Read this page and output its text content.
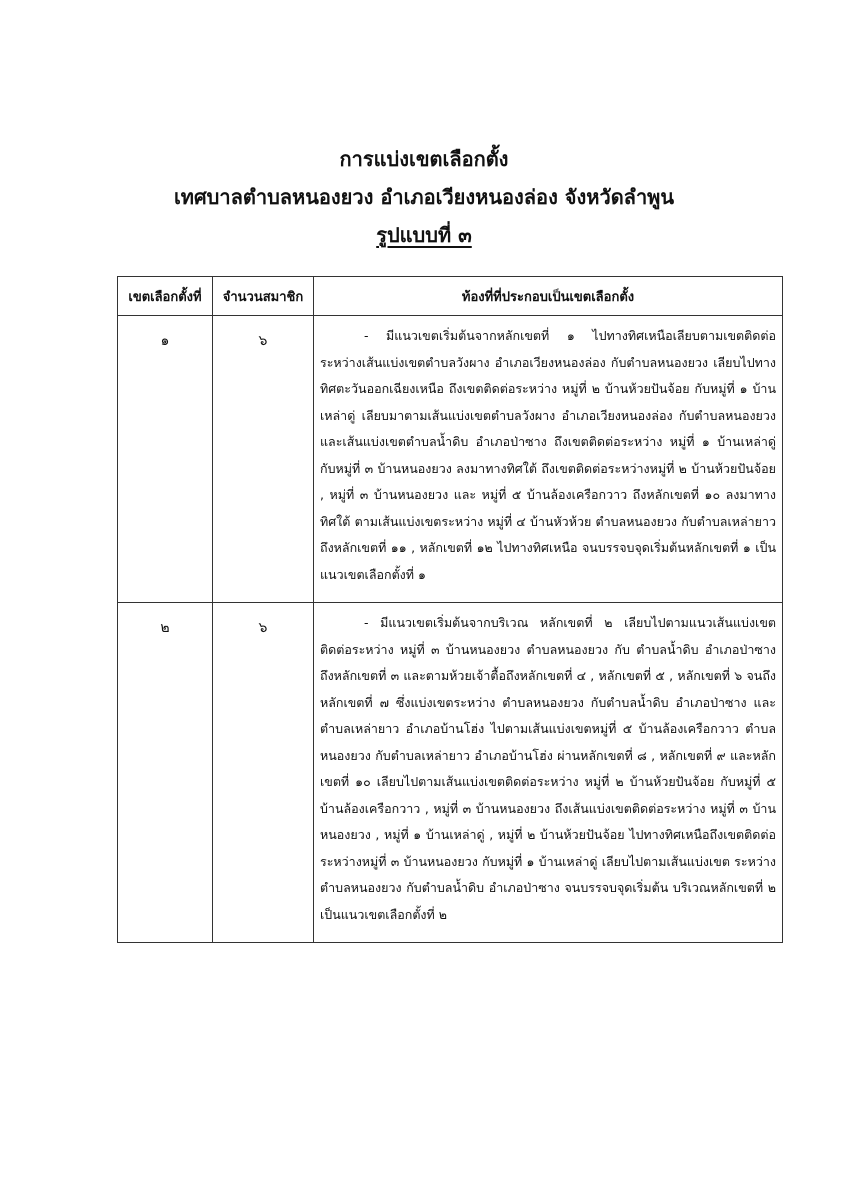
การแบ่งเขตเลือกตั้ง
เทศบาลตำบลหนองยวง อำเภอเวียงหนองล่อง จังหวัดลำพูน
รูปแบบที่ ๓
เขตเลือกตั้งที่	จำนวนสมาชิก	ท้องที่ที่ประกอบเป็นเขตเลือกตั้ง
๑	๖	- มีแนวเขตเริ่มต้นจากหลักเขตที่ ๑ ไปทางทิศเหนือเลียบตามเขตติดต่อระหว่างเส้นแบ่งเขตตำบลวังผาง อำเภอเวียงหนองล่อง กับตำบลหนองยวง เลียบไปทางทิศตะวันออกเฉียงเหนือ ถึงเขตติดต่อระหว่าง หมู่ที่ ๒ บ้านห้วยปันจ้อย กับหมู่ที่ ๑ บ้านเหล่าดู่ เลียบมาตามเส้นแบ่งเขตตำบลวังผาง อำเภอเวียงหนองล่อง กับตำบลหนองยวง และเส้นแบ่งเขตตำบลน้ำดิบ อำเภอป่าซาง ถึงเขตติดต่อระหว่าง หมู่ที่ ๑ บ้านเหล่าดู่ กับหมู่ที่ ๓ บ้านหนองยวง ลงมาทางทิศใต้ ถึงเขตติดต่อระหว่างหมู่ที่ ๒ บ้านห้วยปันจ้อย , หมู่ที่ ๓ บ้านหนองยวง และ หมู่ที่ ๕ บ้านล้องเครือกวาว ถึงหลักเขตที่ ๑๐ ลงมาทางทิศใต้ ตามเส้นแบ่งเขตระหว่าง หมู่ที่ ๔ บ้านหัวห้วย ตำบลหนองยวง กับตำบลเหล่ายาว ถึงหลักเขตที่ ๑๑ , หลักเขตที่ ๑๒ ไปทางทิศเหนือ จนบรรจบจุดเริ่มต้นหลักเขตที่ ๑ เป็นแนวเขตเลือกตั้งที่ ๑

๒	๖	- มีแนวเขตเริ่มต้นจากบริเวณ หลักเขตที่ ๒ เลียบไปตามแนวเส้นแบ่งเขตติดต่อระหว่าง หมู่ที่ ๓ บ้านหนองยวง ตำบลหนองยวง กับ ตำบลน้ำดิบ อำเภอป่าซาง ถึงหลักเขตที่ ๓ และตามห้วยเจ้าตื้อถึงหลักเขตที่ ๔ , หลักเขตที่ ๕ , หลักเขตที่ ๖ จนถึงหลักเขตที่ ๗ ซึ่งแบ่งเขตระหว่าง ตำบลหนองยวง กับตำบลน้ำดิบ อำเภอป่าซาง และตำบลเหล่ายาว อำเภอบ้านโฮ่ง ไปตามเส้นแบ่งเขตหมู่ที่ ๕ บ้านล้องเครือกวาว ตำบลหนองยวง กับตำบลเหล่ายาว อำเภอบ้านโฮ่ง ผ่านหลักเขตที่ ๘ , หลักเขตที่ ๙ และหลักเขตที่ ๑๐ เลียบไปตามเส้นแบ่งเขตติดต่อระหว่าง หมู่ที่ ๒ บ้านห้วยปันจ้อย กับหมู่ที่ ๕ บ้านล้องเครือกวาว , หมู่ที่ ๓ บ้านหนองยวง ถึงเส้นแบ่งเขตติดต่อระหว่าง หมู่ที่ ๓ บ้านหนองยวง , หมู่ที่ ๑ บ้านเหล่าดู่ , หมู่ที่ ๒ บ้านห้วยปันจ้อย ไปทางทิศเหนือถึงเขตติดต่อระหว่างหมู่ที่ ๓ บ้านหนองยวง กับหมู่ที่ ๑ บ้านเหล่าดู่ เลียบไปตามเส้นแบ่งเขต ระหว่าง ตำบลหนองยวง กับตำบลน้ำดิบ อำเภอป่าซาง จนบรรจบจุดเริ่มต้น บริเวณหลักเขตที่ ๒ เป็นแนวเขตเลือกตั้งที่ ๒
